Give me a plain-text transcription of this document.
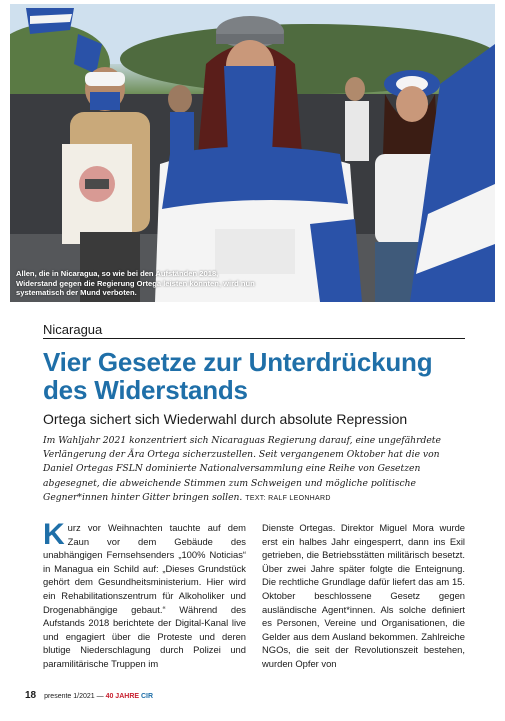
Allen, die in Nicaragua, so wie bei den Aufständen 2018, Widerstand gegen die Regierung Ortega leisten könnten, wird nun systematisch der Mund verboten.
Nicaragua
Vier Gesetze zur Unterdrückung des Widerstands
Ortega sichert sich Wiederwahl durch absolute Repression
Im Wahljahr 2021 konzentriert sich Nicaraguas Regierung darauf, eine ungefährdete Verlängerung der Ära Ortega sicherzustellen. Seit vergangenem Oktober hat die von Daniel Ortegas FSLN dominierte Nationalversammlung eine Reihe von Gesetzen abgesegnet, die abweichende Stimmen zum Schweigen und mögliche politische Gegner*innen hinter Gitter bringen sollen. TEXT: RALF LEONHARD
K urz vor Weihnachten tauchte auf dem Zaun vor dem Gebäude des unabhängigen Fernsehsenders „100% Noticias“ in Managua ein Schild auf: „Dieses Grundstück gehört dem Gesundheitsministerium. Hier wird ein Rehabilitationszentrum für Alkoholiker und Drogenabhängige gebaut.“ Während des Aufstands 2018 berichtete der Digital-Kanal live und engagiert über die Proteste und deren blutige Niederschlagung durch Polizei und paramilitärische Truppen im

Dienste Ortegas. Direktor Miguel Mora wurde erst ein halbes Jahr eingesperrt, dann ins Exil getrieben, die Betriebsstätten militärisch besetzt. Über zwei Jahre später folgte die Enteignung. Die rechtliche Grundlage dafür liefert das am 15. Oktober beschlossene Gesetz gegen ausländische Agent*innen. Als solche definiert es Personen, Vereine und Organisationen, die Gelder aus dem Ausland bekommen. Zahlreiche NGOs, die seit der Revolutionszeit bestehen, wurden Opfer von

18 presente 1/2021 — 40 JAHRE CIR
